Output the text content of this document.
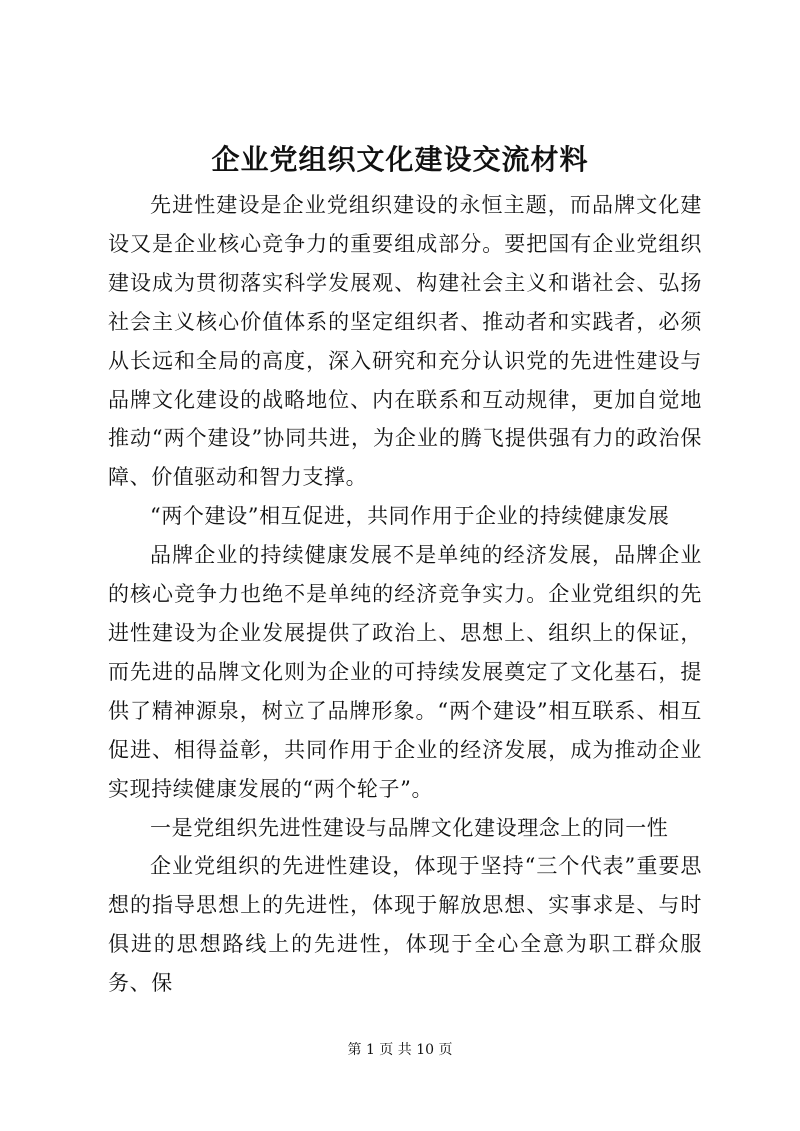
企业党组织文化建设交流材料

先进性建设是企业党组织建设的永恒主题，而品牌文化建设又是企业核心竞争力的重要组成部分。要把国有企业党组织建设成为贯彻落实科学发展观、构建社会主义和谐社会、弘扬社会主义核心价值体系的坚定组织者、推动者和实践者，必须从长远和全局的高度，深入研究和充分认识党的先进性建设与品牌文化建设的战略地位、内在联系和互动规律，更加自觉地推动“两个建设”协同共进，为企业的腾飞提供强有力的政治保障、价值驱动和智力支撑。

“两个建设”相互促进，共同作用于企业的持续健康发展

品牌企业的持续健康发展不是单纯的经济发展，品牌企业的核心竞争力也绝不是单纯的经济竞争实力。企业党组织的先进性建设为企业发展提供了政治上、思想上、组织上的保证，而先进的品牌文化则为企业的可持续发展奠定了文化基石，提供了精神源泉，树立了品牌形象。“两个建设”相互联系、相互促进、相得益彰，共同作用于企业的经济发展，成为推动企业实现持续健康发展的“两个轮子”。

一是党组织先进性建设与品牌文化建设理念上的同一性

企业党组织的先进性建设，体现于坚持“三个代表”重要思想的指导思想上的先进性，体现于解放思想、实事求是、与时俱进的思想路线上的先进性，体现于全心全意为职工群众服务、保

第 1 页 共 10 页
